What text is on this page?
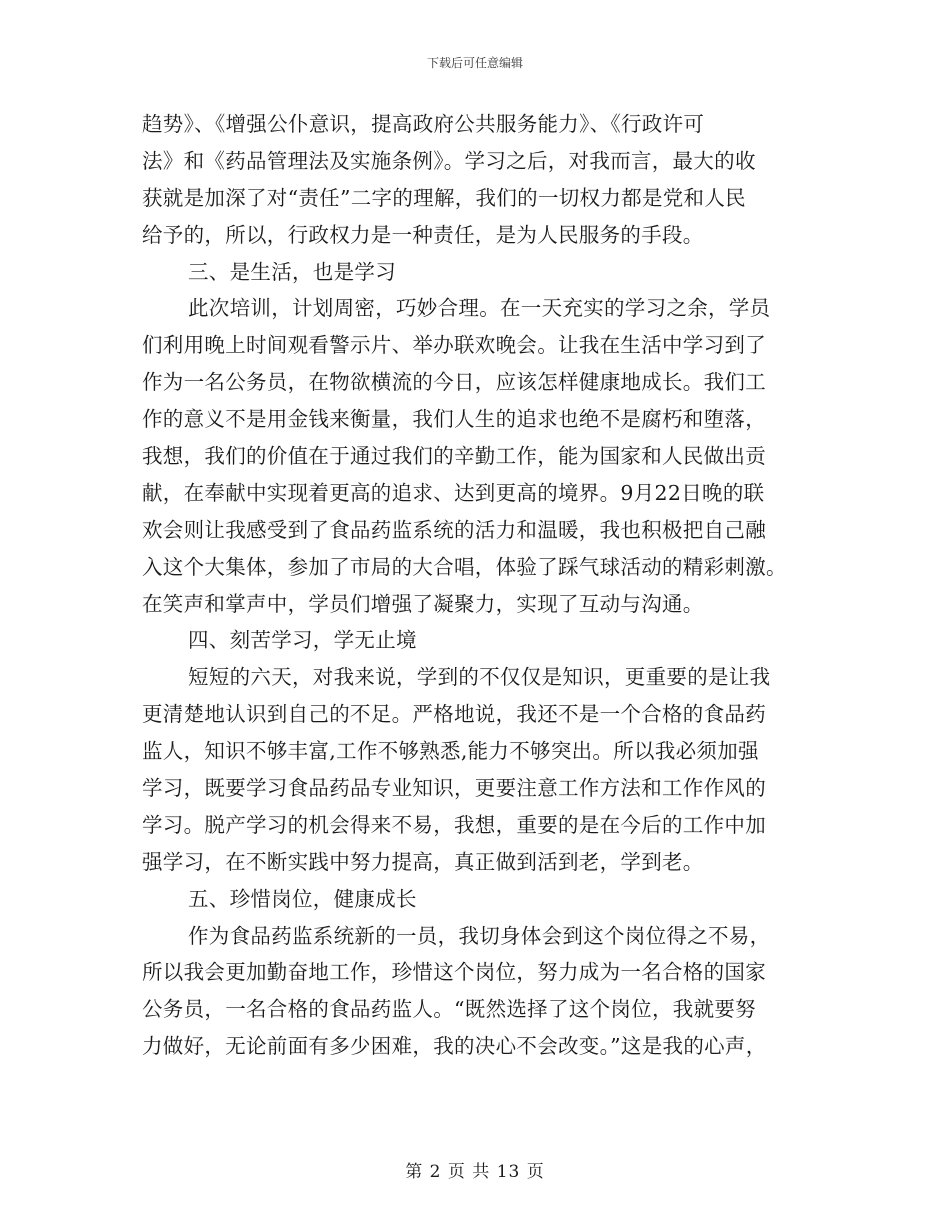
下载后可任意编辑
趋势》、《增强公仆意识，提高政府公共服务能力》、《行政许可
法》和《药品管理法及实施条例》。学习之后，对我而言，最大的收
获就是加深了对“责任”二字的理解，我们的一切权力都是党和人民
给予的，所以，行政权力是一种责任，是为人民服务的手段。
三、是生活，也是学习
此次培训，计划周密，巧妙合理。在一天充实的学习之余，学员
们利用晚上时间观看警示片、举办联欢晚会。让我在生活中学习到了
作为一名公务员，在物欲横流的今日，应该怎样健康地成长。我们工
作的意义不是用金钱来衡量，我们人生的追求也绝不是腐朽和堕落，
我想，我们的价值在于通过我们的辛勤工作，能为国家和人民做出贡
献，在奉献中实现着更高的追求、达到更高的境界。9月22日晚的联
欢会则让我感受到了食品药监系统的活力和温暖，我也积极把自己融
入这个大集体，参加了市局的大合唱，体验了踩气球活动的精彩刺激。
在笑声和掌声中，学员们增强了凝聚力，实现了互动与沟通。
四、刻苦学习，学无止境
短短的六天，对我来说，学到的不仅仅是知识，更重要的是让我
更清楚地认识到自己的不足。严格地说，我还不是一个合格的食品药
监人，知识不够丰富,工作不够熟悉,能力不够突出。所以我必须加强
学习，既要学习食品药品专业知识，更要注意工作方法和工作作风的
学习。脱产学习的机会得来不易，我想，重要的是在今后的工作中加
强学习，在不断实践中努力提高，真正做到活到老，学到老。
五、珍惜岗位，健康成长
作为食品药监系统新的一员，我切身体会到这个岗位得之不易，
所以我会更加勤奋地工作，珍惜这个岗位，努力成为一名合格的国家
公务员，一名合格的食品药监人。“既然选择了这个岗位，我就要努
力做好，无论前面有多少困难，我的决心不会改变。”这是我的心声，
第 2 页 共 13 页
